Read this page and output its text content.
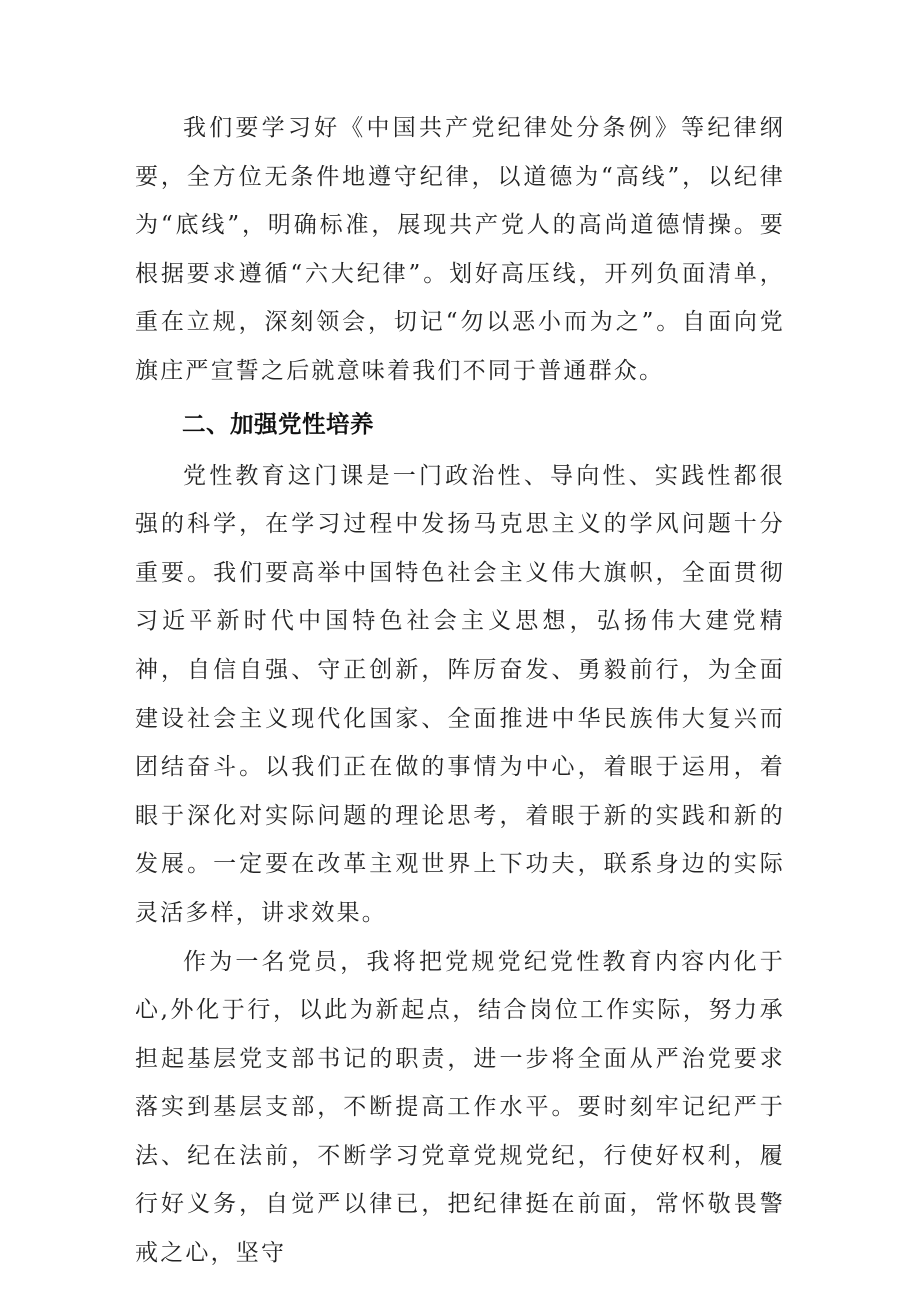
我们要学习好《中国共产党纪律处分条例》等纪律纲要，全方位无条件地遵守纪律，以道德为“高线”，以纪律为“底线”，明确标准，展现共产党人的高尚道德情操。要根据要求遵循“六大纪律”。划好高压线，开列负面清单，重在立规，深刻领会，切记“勿以恶小而为之”。自面向党旗庄严宣誓之后就意味着我们不同于普通群众。

二、加强党性培养

党性教育这门课是一门政治性、导向性、实践性都很强的科学，在学习过程中发扬马克思主义的学风问题十分重要。我们要高举中国特色社会主义伟大旗帜，全面贯彻习近平新时代中国特色社会主义思想，弘扬伟大建党精神，自信自强、守正创新，阵厉奋发、勇毅前行，为全面建设社会主义现代化国家、全面推进中华民族伟大复兴而团结奋斗。以我们正在做的事情为中心，着眼于运用，着眼于深化对实际问题的理论思考，着眼于新的实践和新的发展。一定要在改革主观世界上下功夫，联系身边的实际灵活多样，讲求效果。

作为一名党员，我将把党规党纪党性教育内容内化于心,外化于行，以此为新起点，结合岗位工作实际，努力承担起基层党支部书记的职责，进一步将全面从严治党要求落实到基层支部，不断提高工作水平。要时刻牢记纪严于法、纪在法前，不断学习党章党规党纪，行使好权利，履行好义务，自觉严以律已，把纪律挺在前面，常怀敬畏警戒之心，坚守
